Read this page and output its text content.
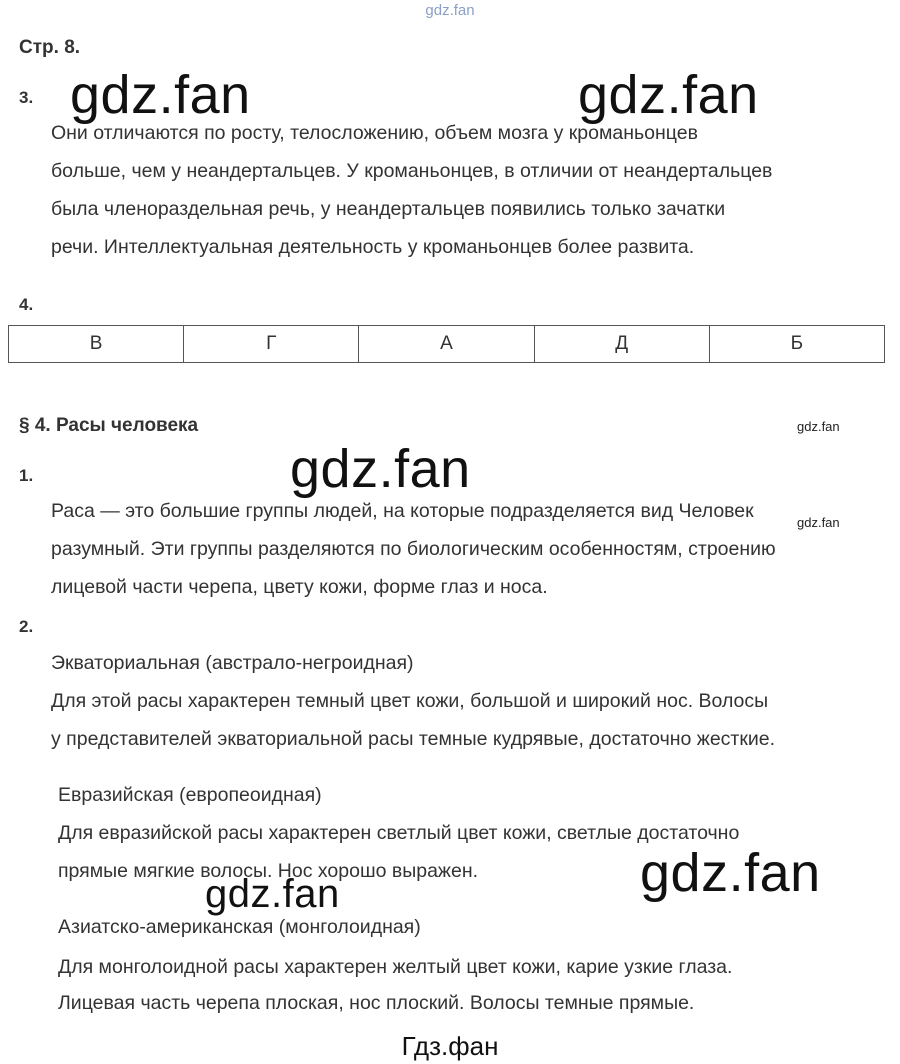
gdz.fan
Стр. 8.
3.
Они отличаются по росту, телосложению, объем мозга у кроманьонцев
больше, чем у неандертальцев. У кроманьонцев, в отличии от неандертальцев
была членораздельная речь, у неандертальцев появились только зачатки
речи. Интеллектуальная деятельность у кроманьонцев более развита.
4.
В	Г	А	Д	Б
§ 4. Расы человека
1.
Раса — это большие группы людей, на которые подразделяется вид Человек
разумный. Эти группы разделяются по биологическим особенностям, строению
лицевой части черепа, цвету кожи, форме глаз и носа.
2.
Экваториальная (австрало-негроидная)
Для этой расы характерен темный цвет кожи, большой и широкий нос. Волосы
у представителей экваториальной расы темные кудрявые, достаточно жесткие.
Евразийская (европеоидная)
Для евразийской расы характерен светлый цвет кожи, светлые достаточно
прямые мягкие волосы. Нос хорошо выражен.
Азиатско-американская (монголоидная)
Для монголоидной расы характерен желтый цвет кожи, карие узкие глаза.
Лицевая часть черепа плоская, нос плоский. Волосы темные прямые.
gdz.fan	gdz.fan
gdz.fan
gdz.fan
gdz.fan
gdz.fan
gdz.fan
Гдз.фан
